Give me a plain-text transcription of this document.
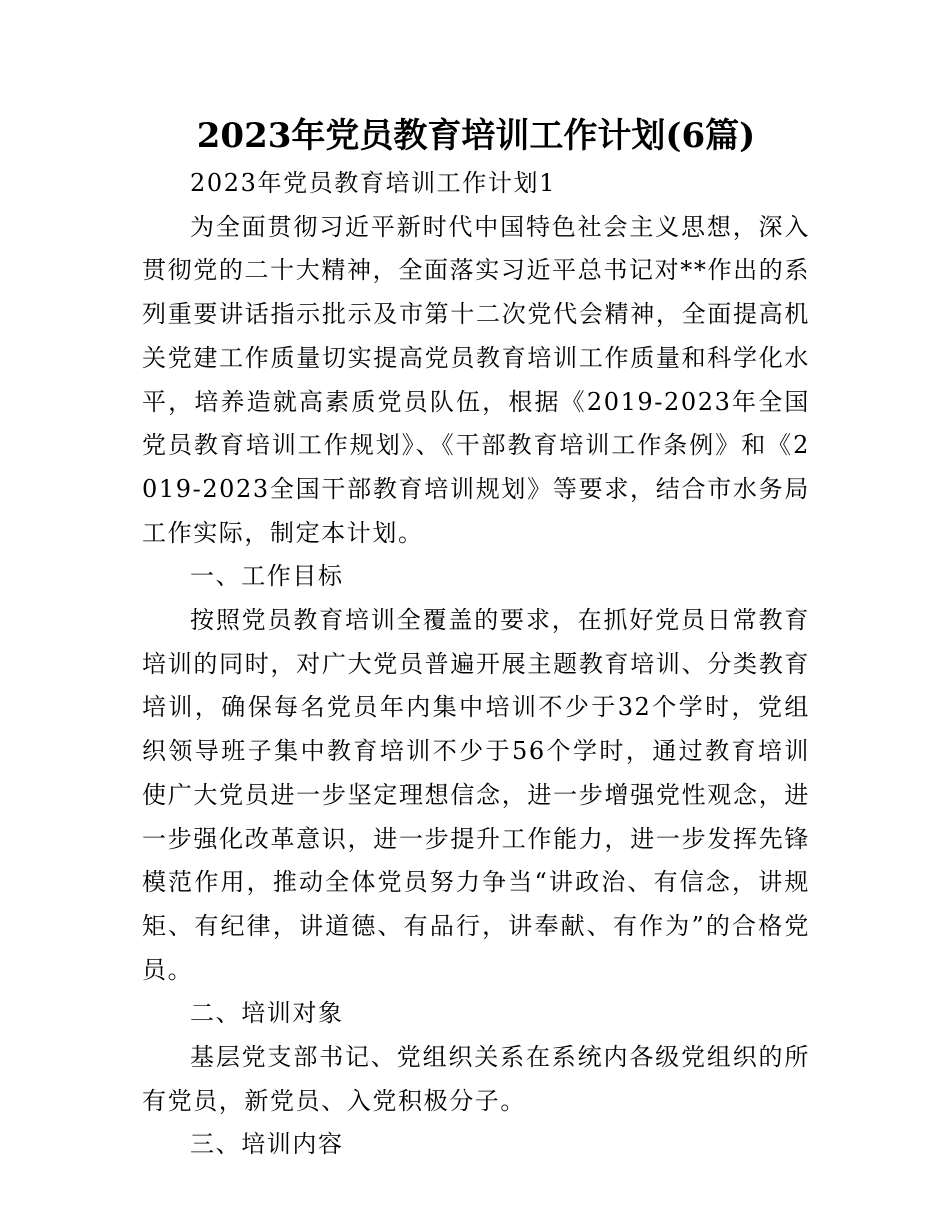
2023年党员教育培训工作计划(6篇)

2023年党员教育培训工作计划1

为全面贯彻习近平新时代中国特色社会主义思想，深入贯彻党的二十大精神，全面落实习近平总书记对**作出的系列重要讲话指示批示及市第十二次党代会精神，全面提高机关党建工作质量切实提高党员教育培训工作质量和科学化水平，培养造就高素质党员队伍，根据《2019-2023年全国党员教育培训工作规划》、《干部教育培训工作条例》和《2019-2023全国干部教育培训规划》等要求，结合市水务局工作实际，制定本计划。

一、工作目标

按照党员教育培训全覆盖的要求，在抓好党员日常教育培训的同时，对广大党员普遍开展主题教育培训、分类教育培训，确保每名党员年内集中培训不少于32个学时，党组织领导班子集中教育培训不少于56个学时，通过教育培训使广大党员进一步坚定理想信念，进一步增强党性观念，进一步强化改革意识，进一步提升工作能力，进一步发挥先锋模范作用，推动全体党员努力争当“讲政治、有信念，讲规矩、有纪律，讲道德、有品行，讲奉献、有作为”的合格党员。

二、培训对象

基层党支部书记、党组织关系在系统内各级党组织的所有党员，新党员、入党积极分子。

三、培训内容
